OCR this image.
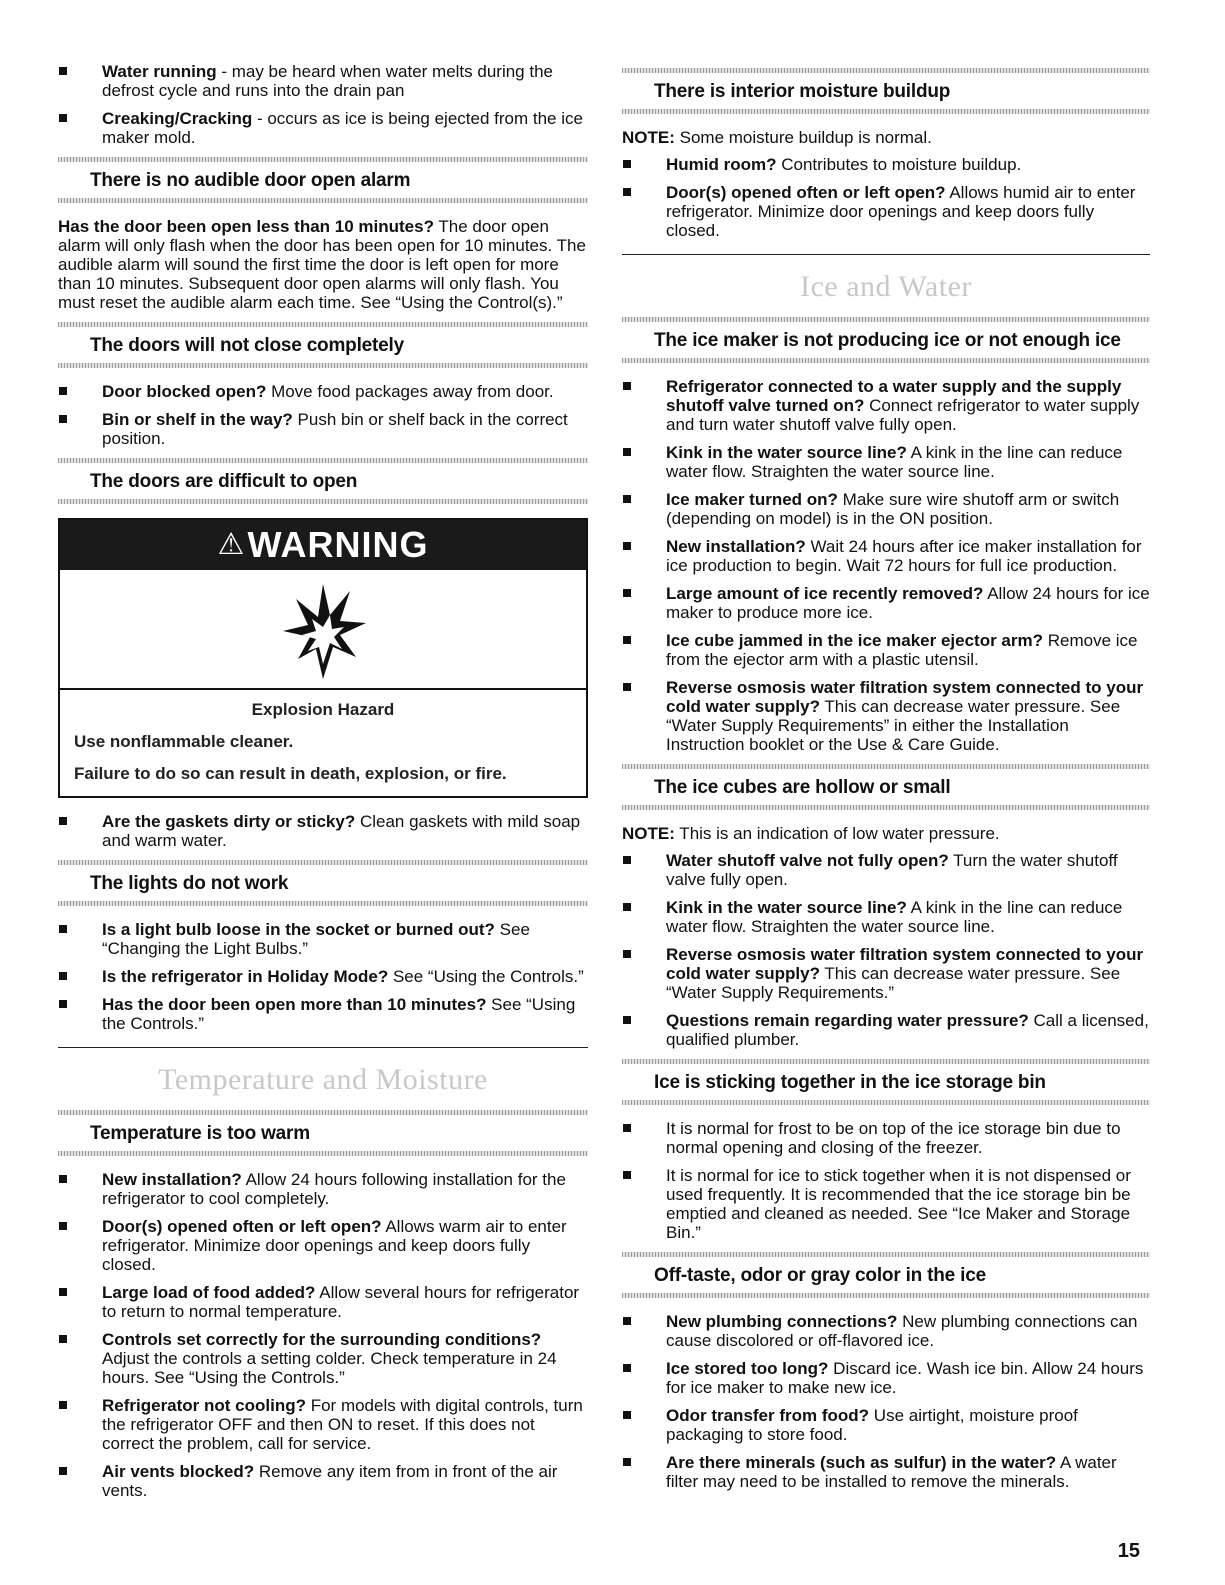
Water running - may be heard when water melts during the defrost cycle and runs into the drain pan
Creaking/Cracking - occurs as ice is being ejected from the ice maker mold.
There is no audible door open alarm
Has the door been open less than 10 minutes? The door open alarm will only flash when the door has been open for 10 minutes. The audible alarm will sound the first time the door is left open for more than 10 minutes. Subsequent door open alarms will only flash. You must reset the audible alarm each time. See “Using the Control(s).”
The doors will not close completely
Door blocked open? Move food packages away from door.
Bin or shelf in the way? Push bin or shelf back in the correct position.
The doors are difficult to open
⚠WARNING
Explosion Hazard
Use nonflammable cleaner.
Failure to do so can result in death, explosion, or fire.
Are the gaskets dirty or sticky? Clean gaskets with mild soap and warm water.
The lights do not work
Is a light bulb loose in the socket or burned out? See “Changing the Light Bulbs.”
Is the refrigerator in Holiday Mode? See “Using the Controls.”
Has the door been open more than 10 minutes? See “Using the Controls.”
Temperature and Moisture
Temperature is too warm
New installation? Allow 24 hours following installation for the refrigerator to cool completely.
Door(s) opened often or left open? Allows warm air to enter refrigerator. Minimize door openings and keep doors fully closed.
Large load of food added? Allow several hours for refrigerator to return to normal temperature.
Controls set correctly for the surrounding conditions? Adjust the controls a setting colder. Check temperature in 24 hours. See “Using the Controls.”
Refrigerator not cooling? For models with digital controls, turn the refrigerator OFF and then ON to reset. If this does not correct the problem, call for service.
Air vents blocked? Remove any item from in front of the air vents.
There is interior moisture buildup
NOTE: Some moisture buildup is normal.
Humid room? Contributes to moisture buildup.
Door(s) opened often or left open? Allows humid air to enter refrigerator. Minimize door openings and keep doors fully closed.
Ice and Water
The ice maker is not producing ice or not enough ice
Refrigerator connected to a water supply and the supply shutoff valve turned on? Connect refrigerator to water supply and turn water shutoff valve fully open.
Kink in the water source line? A kink in the line can reduce water flow. Straighten the water source line.
Ice maker turned on? Make sure wire shutoff arm or switch (depending on model) is in the ON position.
New installation? Wait 24 hours after ice maker installation for ice production to begin. Wait 72 hours for full ice production.
Large amount of ice recently removed? Allow 24 hours for ice maker to produce more ice.
Ice cube jammed in the ice maker ejector arm? Remove ice from the ejector arm with a plastic utensil.
Reverse osmosis water filtration system connected to your cold water supply? This can decrease water pressure. See “Water Supply Requirements” in either the Installation Instruction booklet or the Use & Care Guide.
The ice cubes are hollow or small
NOTE: This is an indication of low water pressure.
Water shutoff valve not fully open? Turn the water shutoff valve fully open.
Kink in the water source line? A kink in the line can reduce water flow. Straighten the water source line.
Reverse osmosis water filtration system connected to your cold water supply? This can decrease water pressure. See “Water Supply Requirements.”
Questions remain regarding water pressure? Call a licensed, qualified plumber.
Ice is sticking together in the ice storage bin
It is normal for frost to be on top of the ice storage bin due to normal opening and closing of the freezer.
It is normal for ice to stick together when it is not dispensed or used frequently. It is recommended that the ice storage bin be emptied and cleaned as needed. See “Ice Maker and Storage Bin.”
Off-taste, odor or gray color in the ice
New plumbing connections? New plumbing connections can cause discolored or off-flavored ice.
Ice stored too long? Discard ice. Wash ice bin. Allow 24 hours for ice maker to make new ice.
Odor transfer from food? Use airtight, moisture proof packaging to store food.
Are there minerals (such as sulfur) in the water? A water filter may need to be installed to remove the minerals.
15
